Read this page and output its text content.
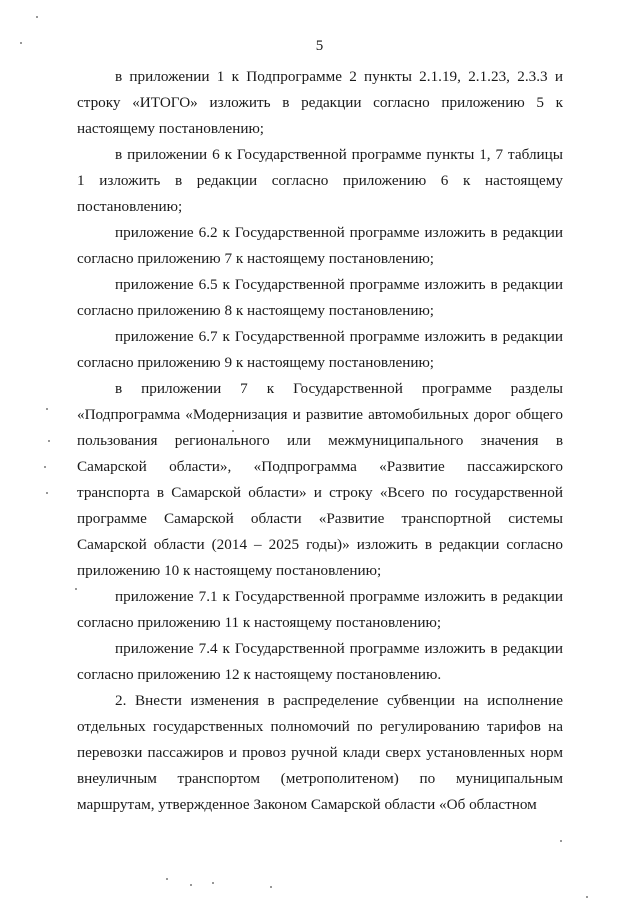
5

в приложении 1 к Подпрограмме 2 пункты 2.1.19, 2.1.23, 2.3.3 и строку «ИТОГО» изложить в редакции согласно приложению 5 к настоящему постановлению;

в приложении 6 к Государственной программе пункты 1, 7 таблицы 1 изложить в редакции согласно приложению 6 к настоящему постановлению;

приложение 6.2 к Государственной программе изложить в редакции согласно приложению 7 к настоящему постановлению;

приложение 6.5 к Государственной программе изложить в редакции согласно приложению 8 к настоящему постановлению;

приложение 6.7 к Государственной программе изложить в редакции согласно приложению 9 к настоящему постановлению;

в приложении 7 к Государственной программе разделы «Подпрограмма «Модернизация и развитие автомобильных дорог общего пользования регионального или межмуниципального значения в Самарской области», «Подпрограмма «Развитие пассажирского транспорта в Самарской области» и строку «Всего по государственной программе Самарской области «Развитие транспортной системы Самарской области (2014 – 2025 годы)» изложить в редакции согласно приложению 10 к настоящему постановлению;

приложение 7.1 к Государственной программе изложить в редакции согласно приложению 11 к настоящему постановлению;

приложение 7.4 к Государственной программе изложить в редакции согласно приложению 12 к настоящему постановлению.

2. Внести изменения в распределение субвенции на исполнение отдельных государственных полномочий по регулированию тарифов на перевозки пассажиров и провоз ручной клади сверх установленных норм внеуличным транспортом (метрополитеном) по муниципальным маршрутам, утвержденное Законом Самарской области «Об областном
